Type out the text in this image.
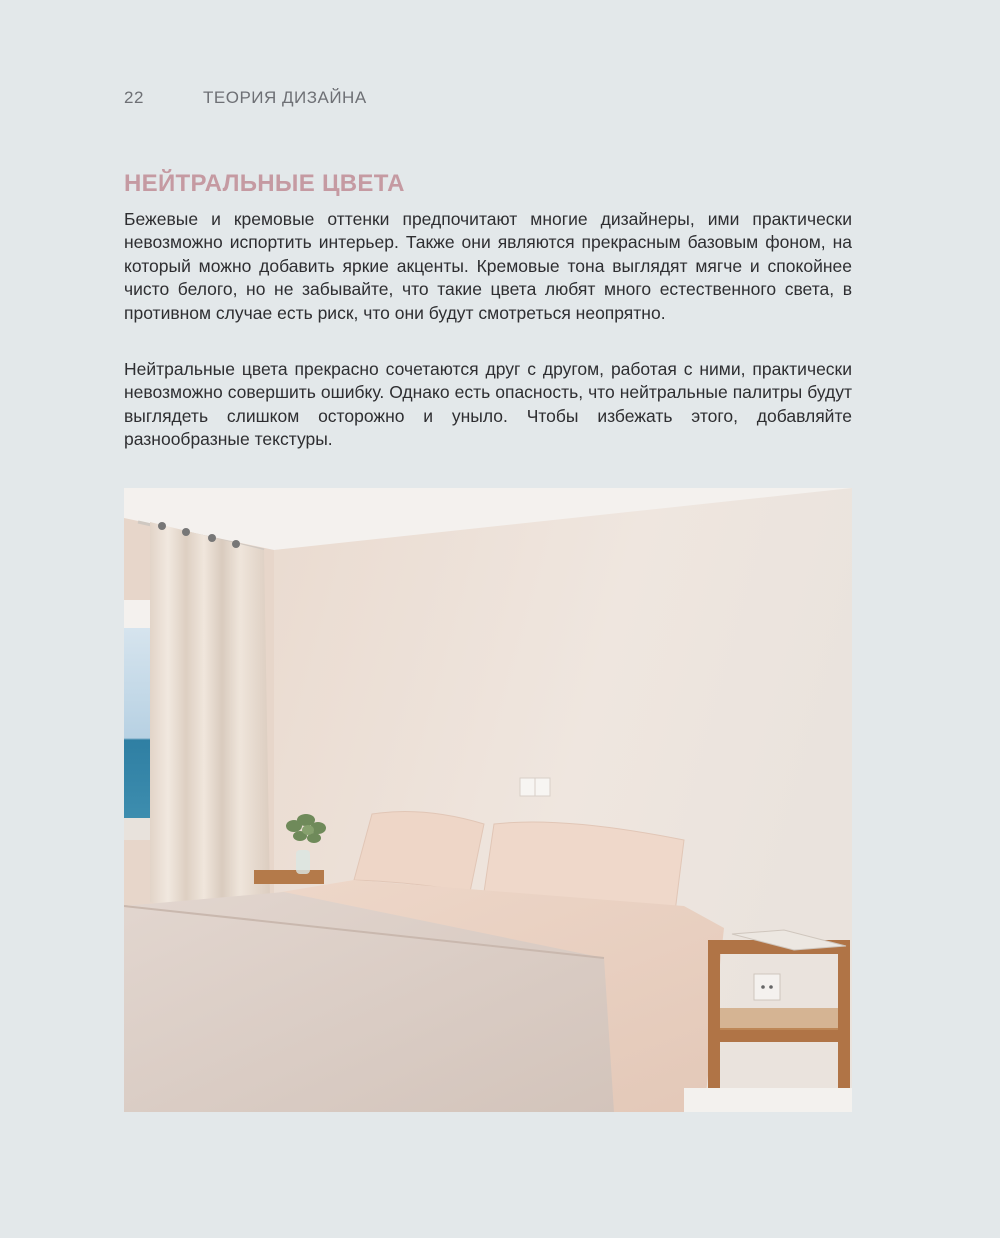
22	ТЕОРИЯ ДИЗАЙНА
НЕЙТРАЛЬНЫЕ ЦВЕТА

Бежевые и кремовые оттенки предпочитают многие дизайнеры, ими практически невозможно испортить интерьер. Также они являются прекрасным базовым фоном, на который можно добавить яркие акценты. Кремовые тона выглядят мягче и спокойнее чисто белого, но не забывайте, что такие цвета любят много естественного света, в противном случае есть риск, что они будут смотреться неопрятно.

Нейтральные цвета прекрасно сочетаются друг с другом, работая с ними, практически невозможно совершить ошибку. Однако есть опасность, что нейтральные палитры будут выглядеть слишком осторожно и уныло. Чтобы избежать этого, добавляйте разнообразные текстуры.
